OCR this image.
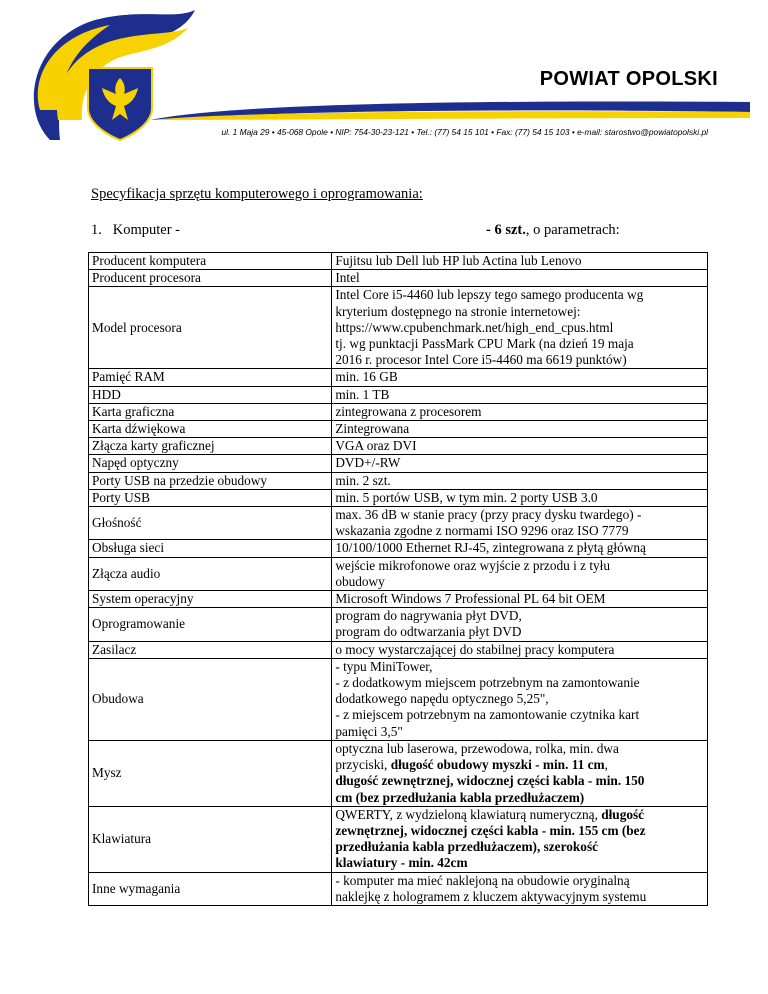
POWIAT OPOLSKI
ul. 1 Maja 29 • 45-068 Opole • NIP: 754-30-23-121 • Tel.: (77) 54 15 101 • Fax: (77) 54 15 103 • e-mail: starostwo@powiatopolski.pl
Specyfikacja sprzętu komputerowego i oprogramowania:
1. Komputer -	- 6 szt., o parametrach:
Producent komputera	Fujitsu lub Dell lub HP lub Actina lub Lenovo
Producent procesora	Intel
Model procesora	Intel Core i5-4460 lub lepszy tego samego producenta wg
kryterium dostępnego na stronie internetowej:
https://www.cpubenchmark.net/high_end_cpus.html
tj. wg punktacji PassMark CPU Mark (na dzień 19 maja
2016 r. procesor Intel Core i5-4460 ma 6619 punktów)
Pamięć RAM	min. 16 GB
HDD	min. 1 TB
Karta graficzna	zintegrowana z procesorem
Karta dźwiękowa	Zintegrowana
Złącza karty graficznej	VGA oraz DVI
Napęd optyczny	DVD+/-RW
Porty USB na przedzie obudowy	min. 2 szt.
Porty USB	min. 5 portów USB, w tym min. 2 porty USB 3.0
Głośność	max. 36 dB w stanie pracy (przy pracy dysku twardego) -
wskazania zgodne z normami ISO 9296 oraz ISO 7779
Obsługa sieci	10/100/1000 Ethernet RJ-45, zintegrowana z płytą główną
Złącza audio	wejście mikrofonowe oraz wyjście z przodu i z tyłu
obudowy
System operacyjny	Microsoft Windows 7 Professional PL 64 bit OEM
Oprogramowanie	program do nagrywania płyt DVD,
program do odtwarzania płyt DVD
Zasilacz	o mocy wystarczającej do stabilnej pracy komputera
Obudowa	- typu MiniTower,
- z dodatkowym miejscem potrzebnym na zamontowanie
dodatkowego napędu optycznego 5,25",
- z miejscem potrzebnym na zamontowanie czytnika kart
pamięci 3,5"
Mysz	optyczna lub laserowa, przewodowa, rolka, min. dwa
przyciski, długość obudowy myszki - min. 11 cm,
długość zewnętrznej, widocznej części kabla - min. 150
cm (bez przedłużania kabla przedłużaczem)
Klawiatura	QWERTY, z wydzieloną klawiaturą numeryczną, długość
zewnętrznej, widocznej części kabla - min. 155 cm (bez
przedłużania kabla przedłużaczem), szerokość
klawiatury - min. 42cm
Inne wymagania	- komputer ma mieć naklejoną na obudowie oryginalną
naklejkę z hologramem z kluczem aktywacyjnym systemu
